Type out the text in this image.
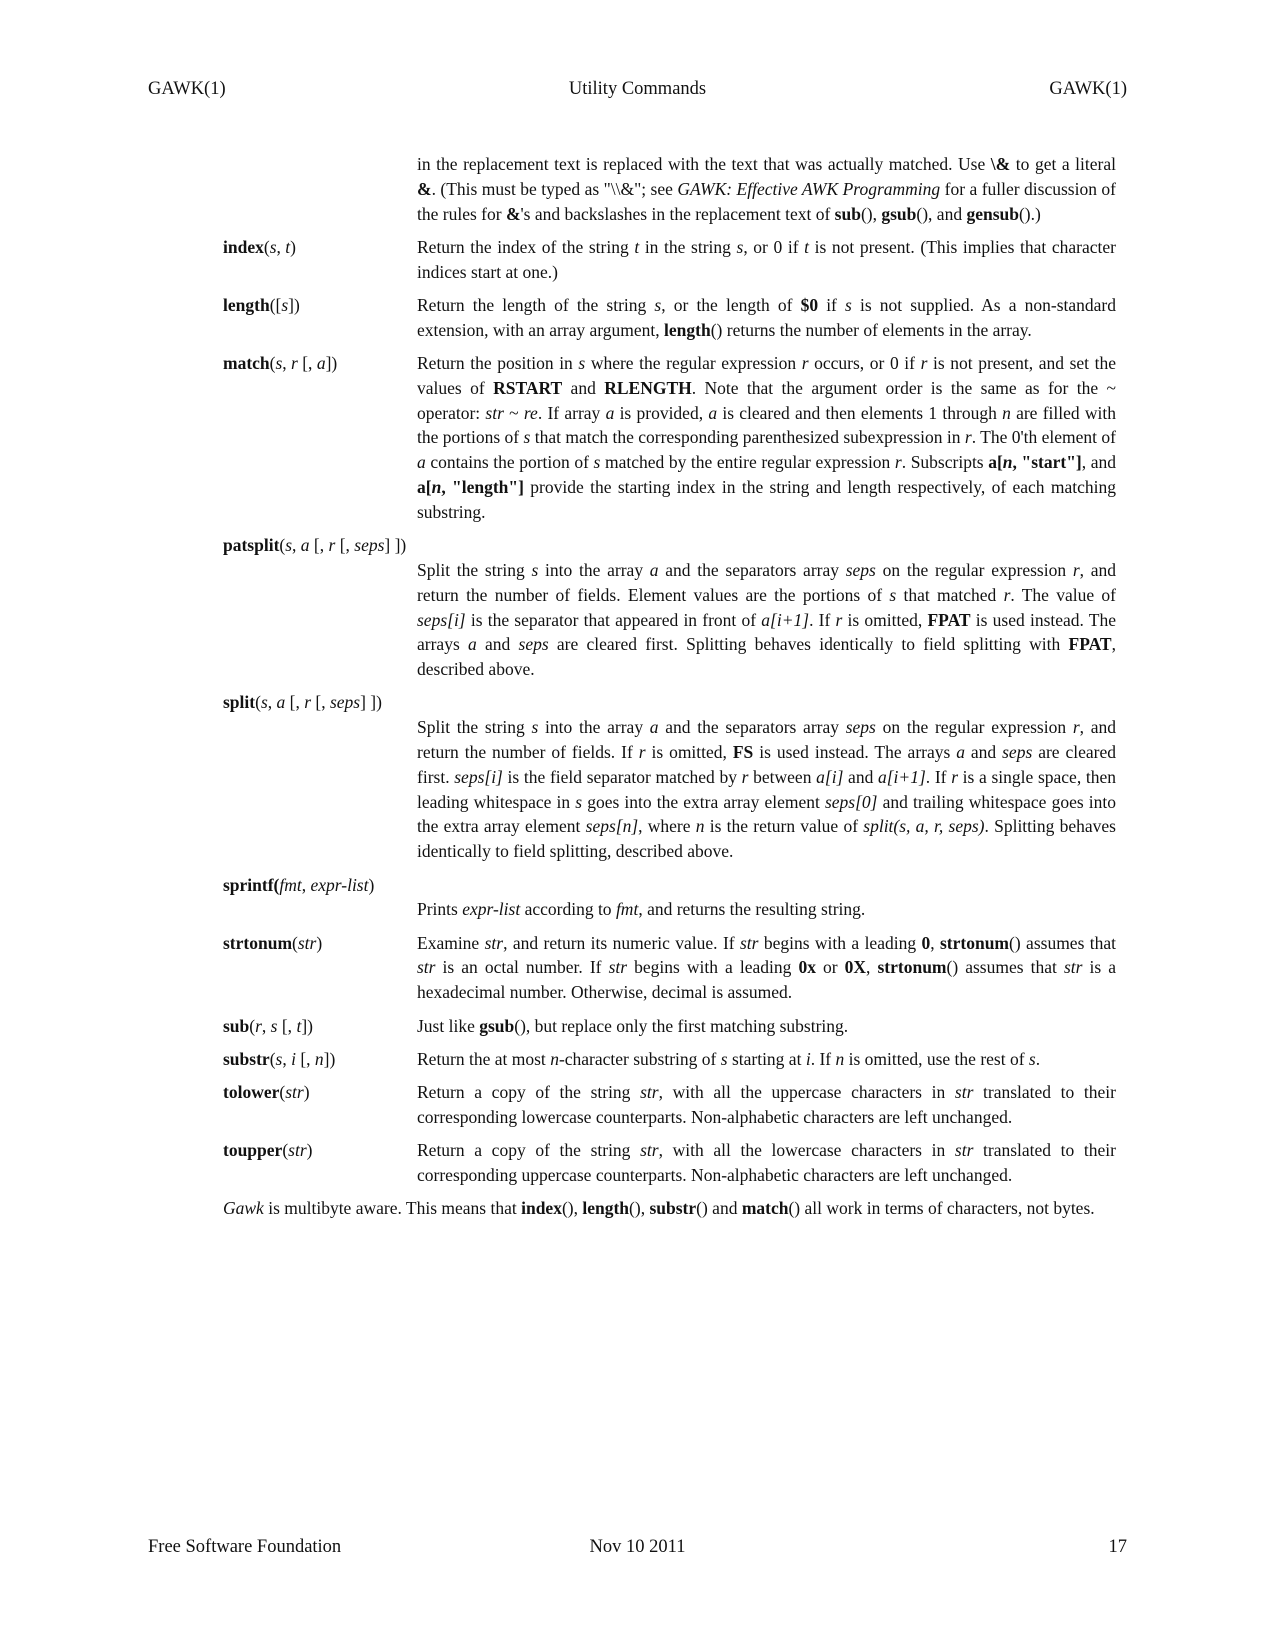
GAWK(1)	Utility Commands	GAWK(1)
in the replacement text is replaced with the text that was actually matched. Use \& to get a literal &. (This must be typed as "\\&"; see GAWK: Effective AWK Programming for a fuller discussion of the rules for &'s and backslashes in the replacement text of sub(), gsub(), and gensub().)
index(s, t)	Return the index of the string t in the string s, or 0 if t is not present. (This implies that character indices start at one.)
length([s])	Return the length of the string s, or the length of $0 if s is not supplied. As a non-standard extension, with an array argument, length() returns the number of elements in the array.
match(s, r [, a])	Return the position in s where the regular expression r occurs, or 0 if r is not present, and set the values of RSTART and RLENGTH. Note that the argument order is the same as for the ~ operator: str ~ re. If array a is provided, a is cleared and then elements 1 through n are filled with the portions of s that match the corresponding parenthesized subexpression in r. The 0'th element of a contains the portion of s matched by the entire regular expression r. Subscripts a[n, "start"], and a[n, "length"] provide the starting index in the string and length respectively, of each matching substring.
patsplit(s, a [, r [, seps] ])
Split the string s into the array a and the separators array seps on the regular expression r, and return the number of fields. Element values are the portions of s that matched r. The value of seps[i] is the separator that appeared in front of a[i+1]. If r is omitted, FPAT is used instead. The arrays a and seps are cleared first. Splitting behaves identically to field splitting with FPAT, described above.
split(s, a [, r [, seps] ])
Split the string s into the array a and the separators array seps on the regular expression r, and return the number of fields. If r is omitted, FS is used instead. The arrays a and seps are cleared first. seps[i] is the field separator matched by r between a[i] and a[i+1]. If r is a single space, then leading whitespace in s goes into the extra array element seps[0] and trailing whitespace goes into the extra array element seps[n], where n is the return value of split(s, a, r, seps). Splitting behaves identically to field splitting, described above.
sprintf(fmt, expr-list)
Prints expr-list according to fmt, and returns the resulting string.
strtonum(str)	Examine str, and return its numeric value. If str begins with a leading 0, strtonum() assumes that str is an octal number. If str begins with a leading 0x or 0X, strtonum() assumes that str is a hexadecimal number. Otherwise, decimal is assumed.
sub(r, s [, t])	Just like gsub(), but replace only the first matching substring.
substr(s, i [, n])	Return the at most n-character substring of s starting at i. If n is omitted, use the rest of s.
tolower(str)	Return a copy of the string str, with all the uppercase characters in str translated to their corresponding lowercase counterparts. Non-alphabetic characters are left unchanged.
toupper(str)	Return a copy of the string str, with all the lowercase characters in str translated to their corresponding uppercase counterparts. Non-alphabetic characters are left unchanged.
Gawk is multibyte aware. This means that index(), length(), substr() and match() all work in terms of characters, not bytes.
Free Software Foundation	Nov 10 2011	17
